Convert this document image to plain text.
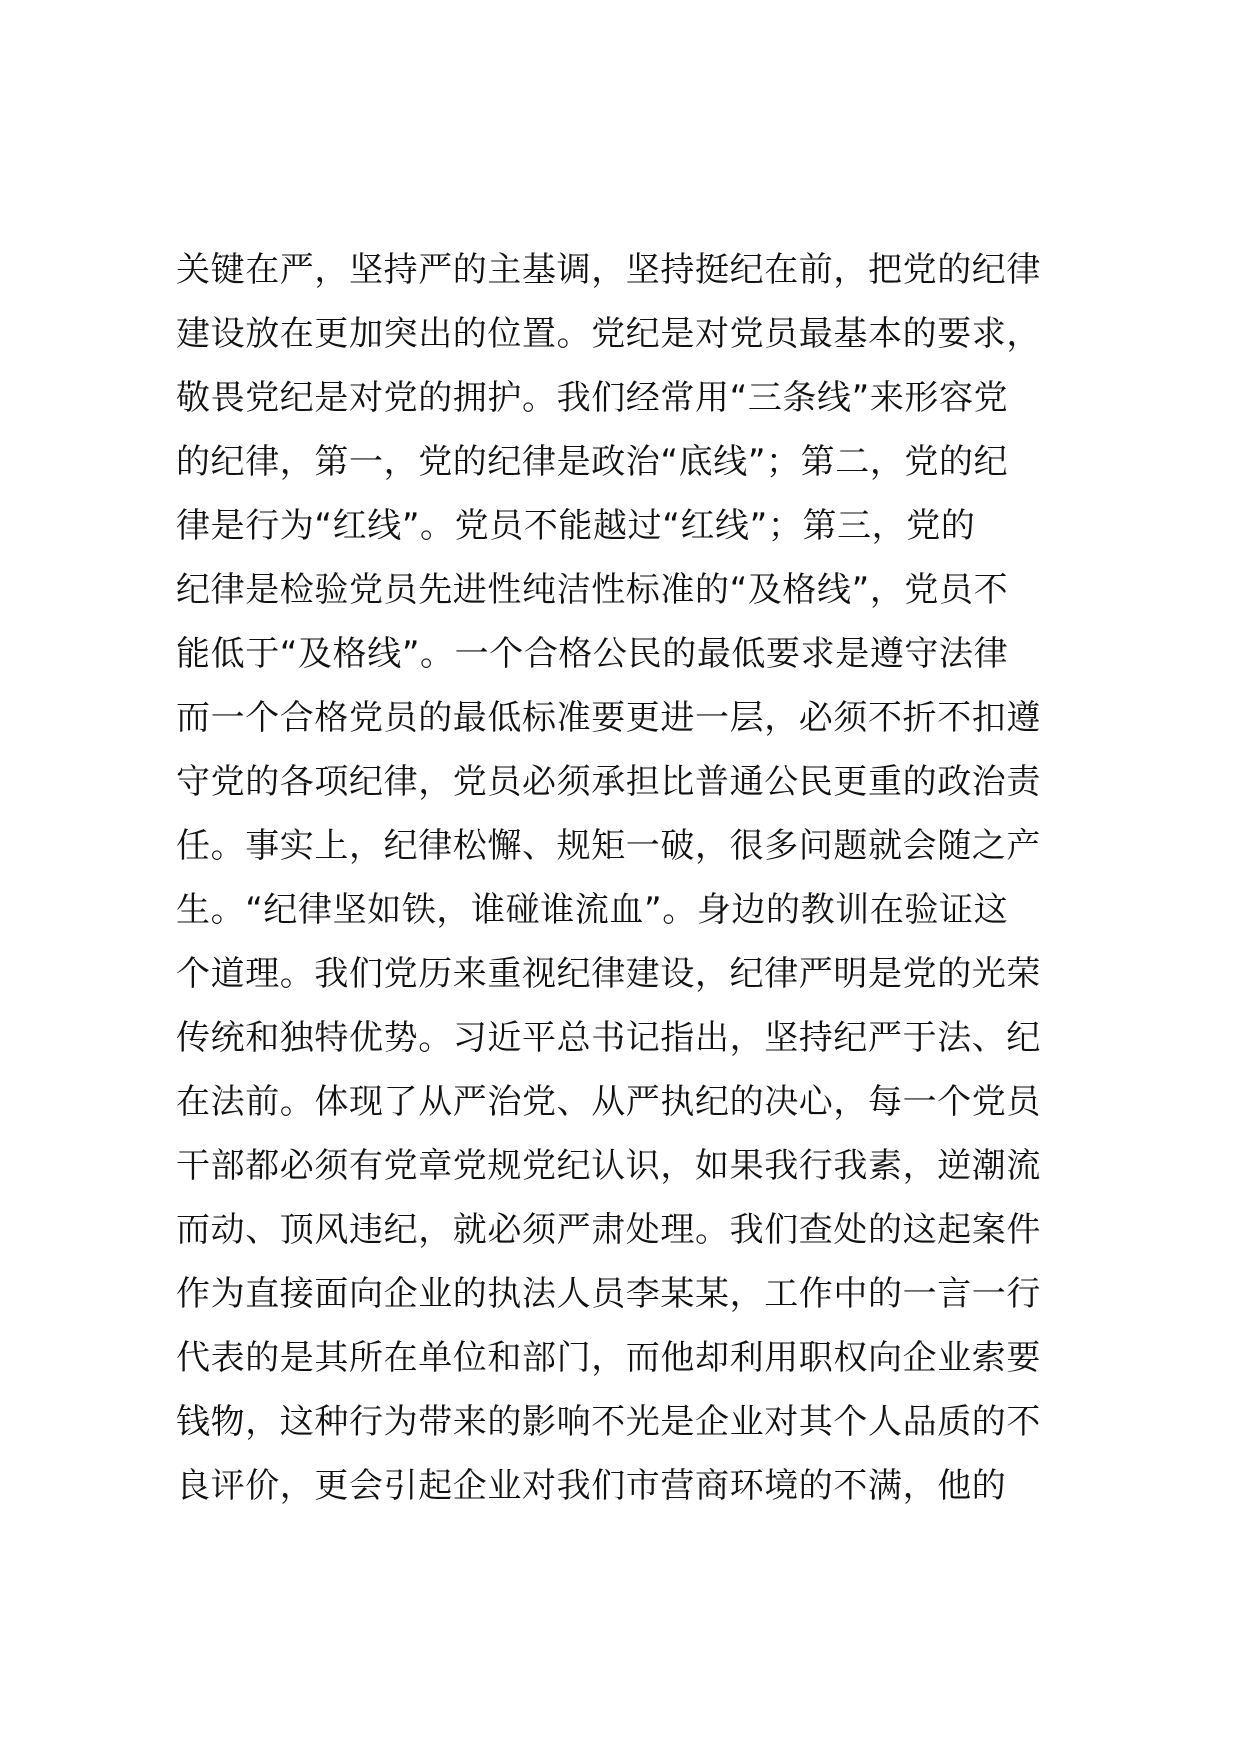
关键在严，坚持严的主基调，坚持挺纪在前，把党的纪律
建设放在更加突出的位置。党纪是对党员最基本的要求，
敬畏党纪是对党的拥护。我们经常用“三条线”来形容党
的纪律，第一，党的纪律是政治“底线”；第二，党的纪
律是行为“红线”。党员不能越过“红线”；第三，党的
纪律是检验党员先进性纯洁性标准的“及格线”，党员不
能低于“及格线”。一个合格公民的最低要求是遵守法律
而一个合格党员的最低标准要更进一层，必须不折不扣遵
守党的各项纪律，党员必须承担比普通公民更重的政治责
任。事实上，纪律松懈、规矩一破，很多问题就会随之产
生。“纪律坚如铁，谁碰谁流血”。身边的教训在验证这
个道理。我们党历来重视纪律建设，纪律严明是党的光荣
传统和独特优势。习近平总书记指出，坚持纪严于法、纪
在法前。体现了从严治党、从严执纪的决心，每一个党员
干部都必须有党章党规党纪认识，如果我行我素，逆潮流
而动、顶风违纪，就必须严肃处理。我们查处的这起案件
作为直接面向企业的执法人员李某某，工作中的一言一行
代表的是其所在单位和部门，而他却利用职权向企业索要
钱物，这种行为带来的影响不光是企业对其个人品质的不
良评价，更会引起企业对我们市营商环境的不满，他的
